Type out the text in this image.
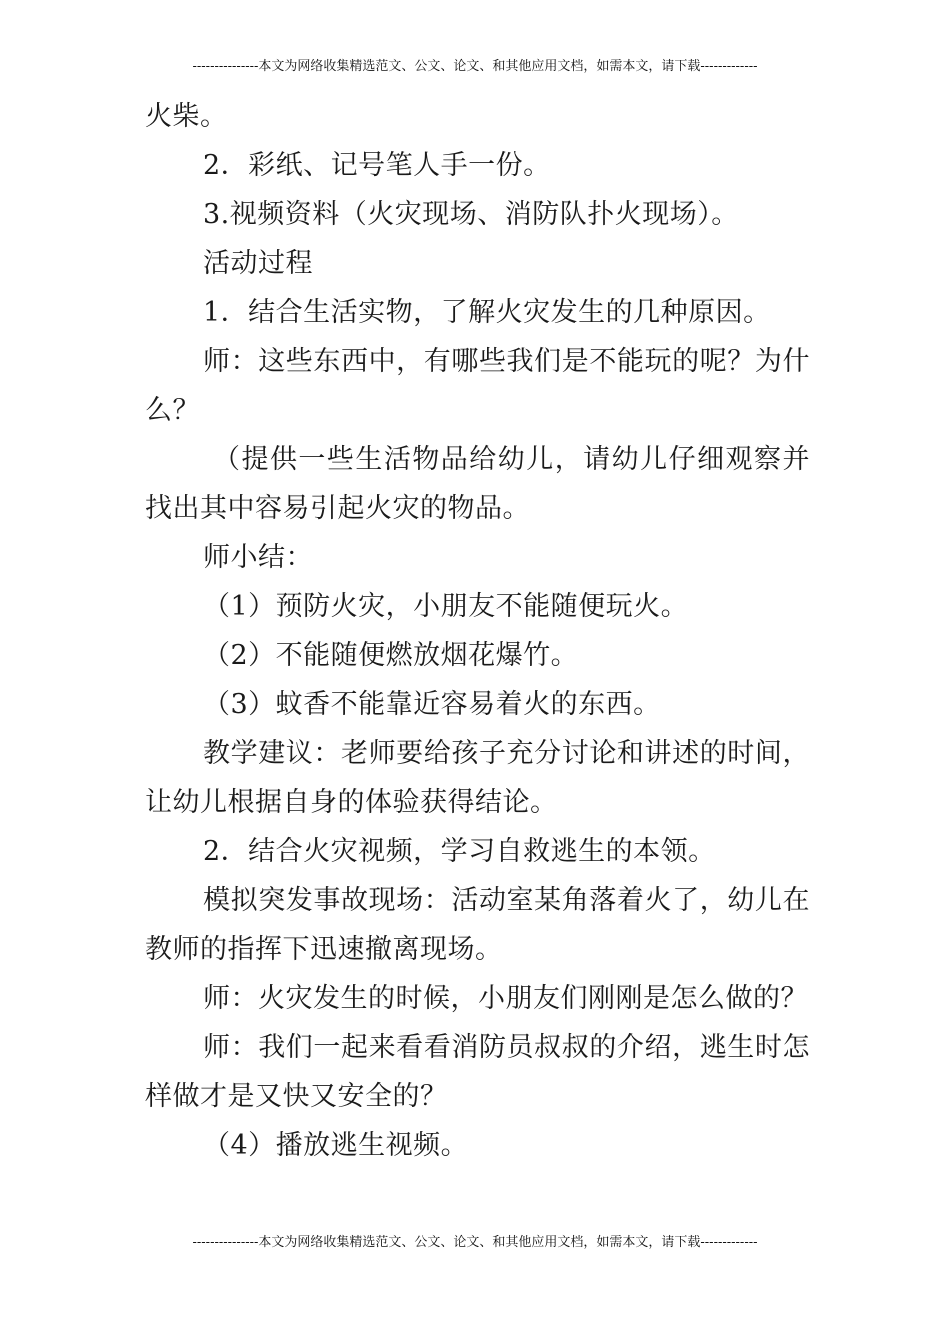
---------------本文为网络收集精选范文、公文、论文、和其他应用文档，如需本文，请下载-------------

火柴。

2．彩纸、记号笔人手一份。

3.视频资料（火灾现场、消防队扑火现场）。

活动过程

1．结合生活实物，了解火灾发生的几种原因。

师：这些东西中，有哪些我们是不能玩的呢？为什么？

（提供一些生活物品给幼儿，请幼儿仔细观察并找出其中容易引起火灾的物品。

师小结：

（1）预防火灾，小朋友不能随便玩火。

（2）不能随便燃放烟花爆竹。

（3）蚊香不能靠近容易着火的东西。

教学建议：老师要给孩子充分讨论和讲述的时间，让幼儿根据自身的体验获得结论。

2．结合火灾视频，学习自救逃生的本领。

模拟突发事故现场：活动室某角落着火了，幼儿在教师的指挥下迅速撤离现场。

师：火灾发生的时候，小朋友们刚刚是怎么做的？

师：我们一起来看看消防员叔叔的介绍，逃生时怎样做才是又快又安全的？

（4）播放逃生视频。

---------------本文为网络收集精选范文、公文、论文、和其他应用文档，如需本文，请下载-------------
